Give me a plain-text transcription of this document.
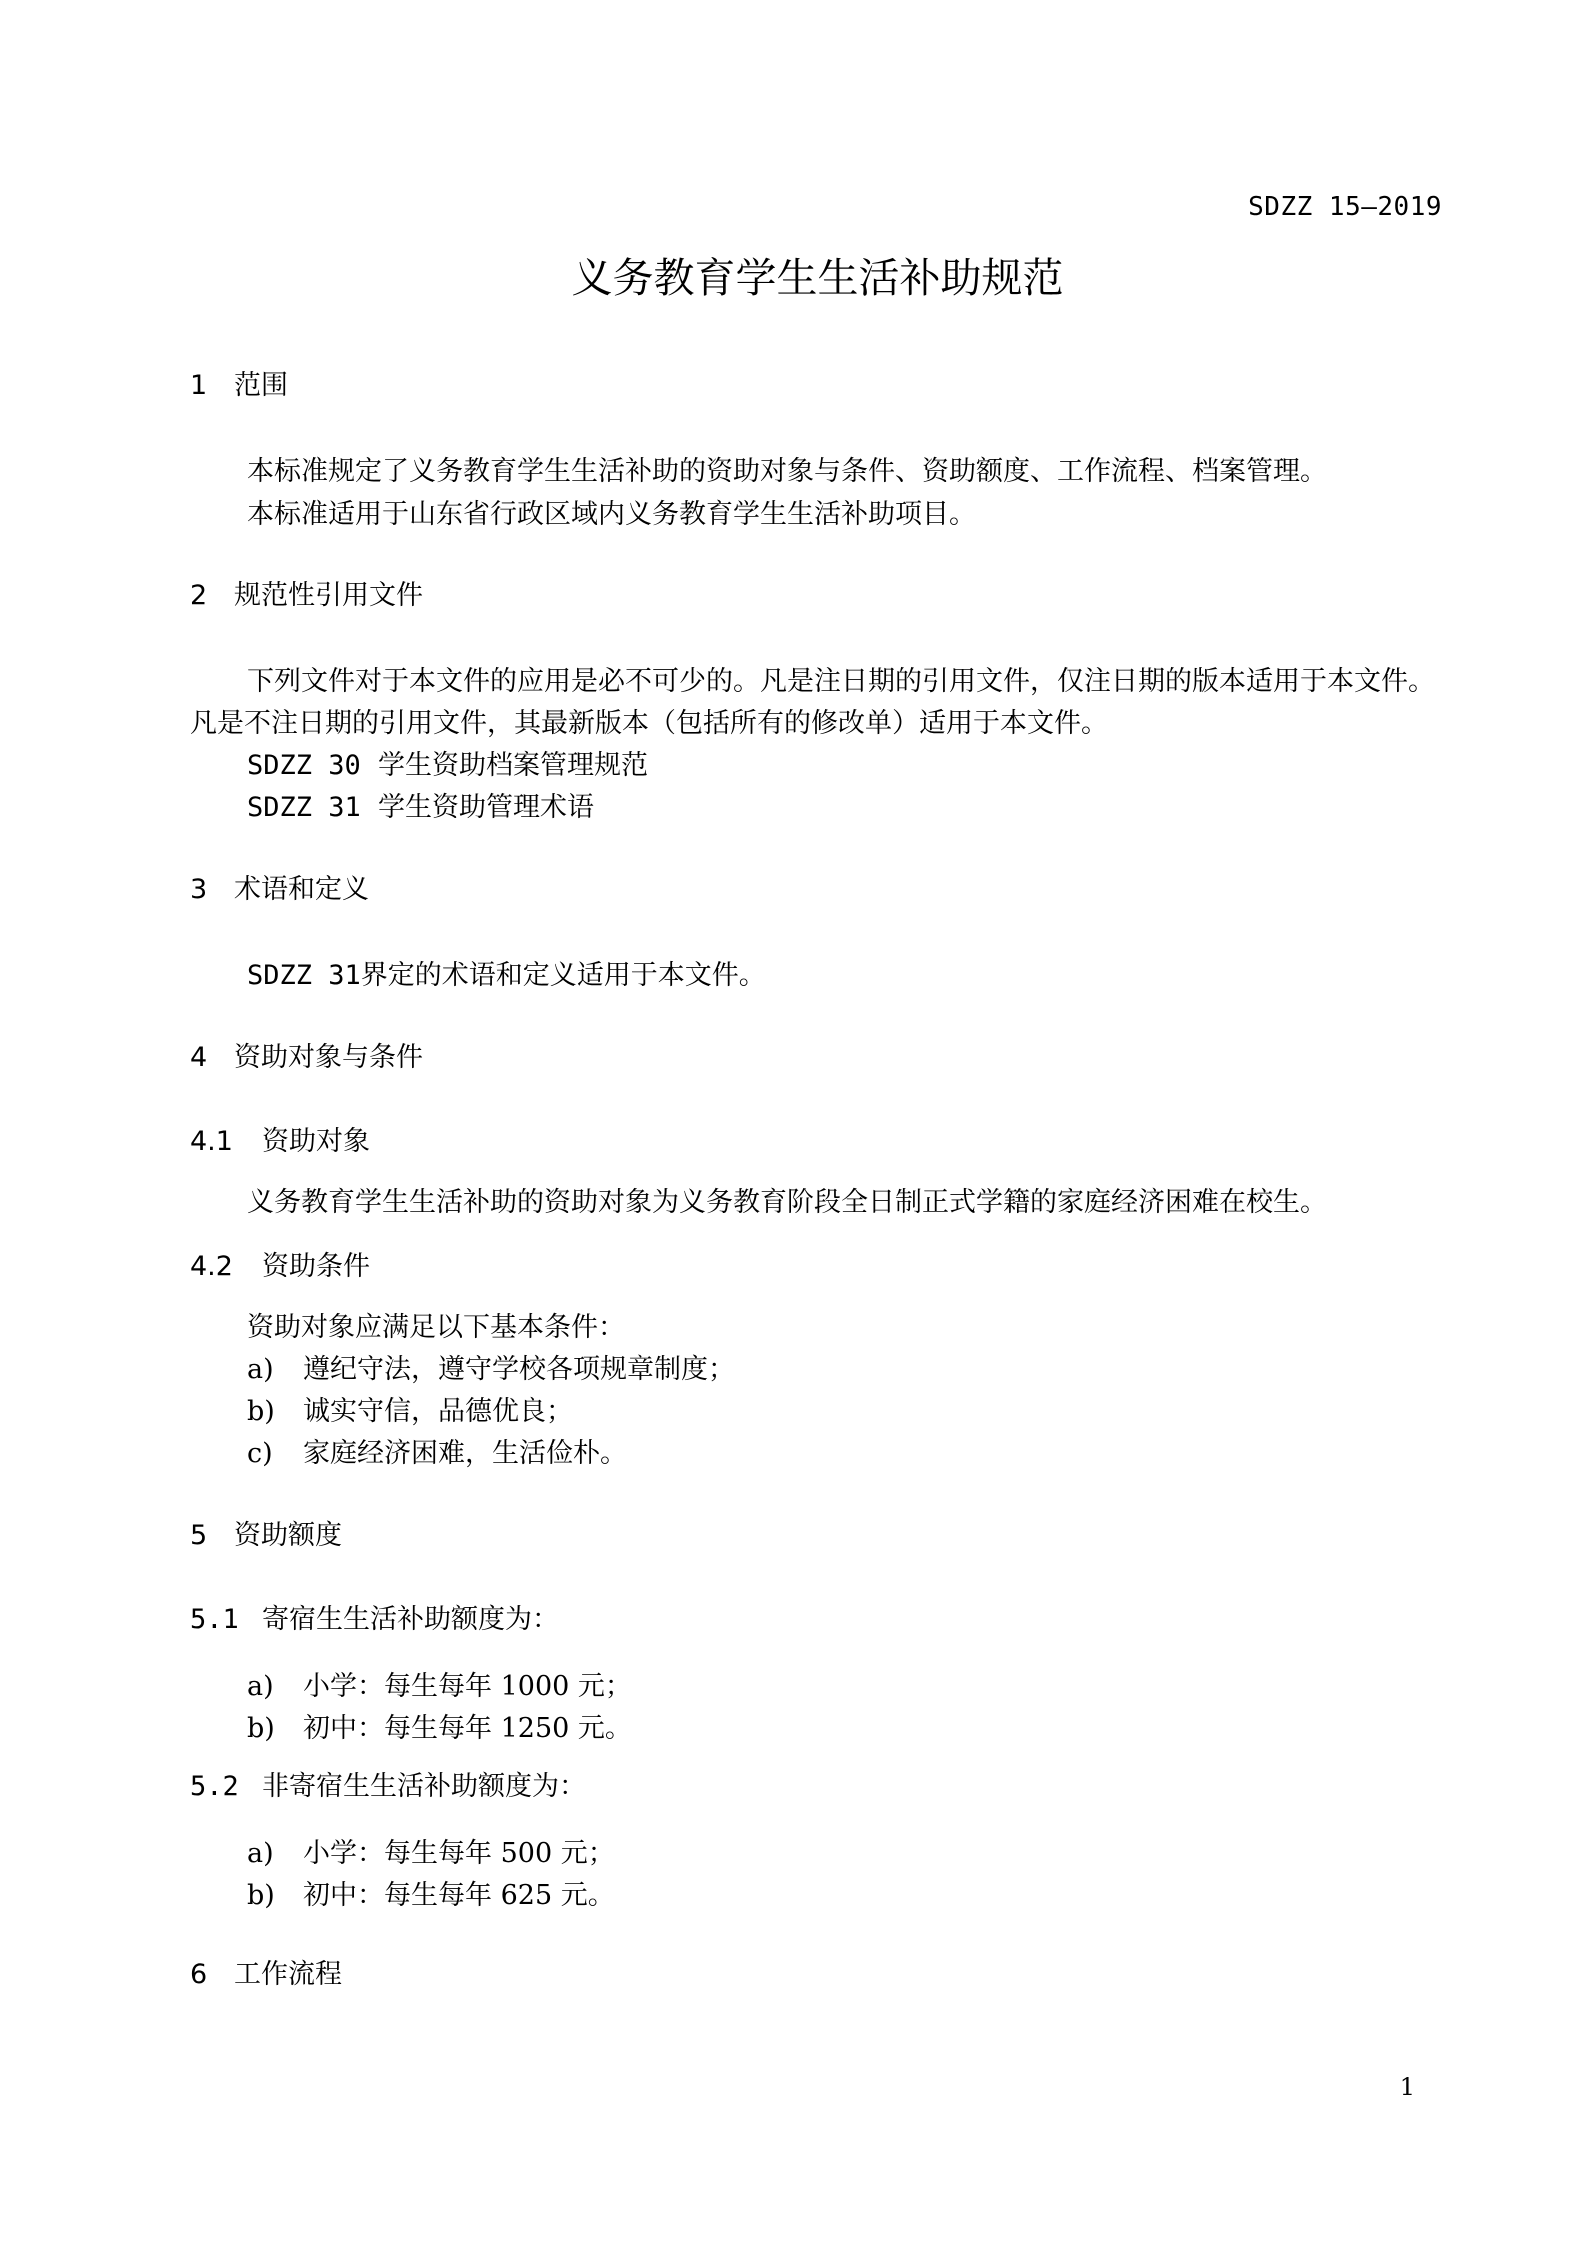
SDZZ 15—2019
义务教育学生生活补助规范
1 范围
本标准规定了义务教育学生生活补助的资助对象与条件、资助额度、工作流程、档案管理。
本标准适用于山东省行政区域内义务教育学生生活补助项目。
2 规范性引用文件
下列文件对于本文件的应用是必不可少的。凡是注日期的引用文件，仅注日期的版本适用于本文件。
凡是不注日期的引用文件，其最新版本（包括所有的修改单）适用于本文件。
SDZZ 30 学生资助档案管理规范
SDZZ 31 学生资助管理术语
3 术语和定义
SDZZ 31界定的术语和定义适用于本文件。
4 资助对象与条件
4.1 资助对象
义务教育学生生活补助的资助对象为义务教育阶段全日制正式学籍的家庭经济困难在校生。
4.2 资助条件
资助对象应满足以下基本条件：
a) 遵纪守法，遵守学校各项规章制度；
b) 诚实守信，品德优良；
c) 家庭经济困难，生活俭朴。
5 资助额度
5.1 寄宿生生活补助额度为：
a) 小学：每生每年 1000 元；
b) 初中：每生每年 1250 元。
5.2 非寄宿生生活补助额度为：
a) 小学：每生每年 500 元；
b) 初中：每生每年 625 元。
6 工作流程
1
